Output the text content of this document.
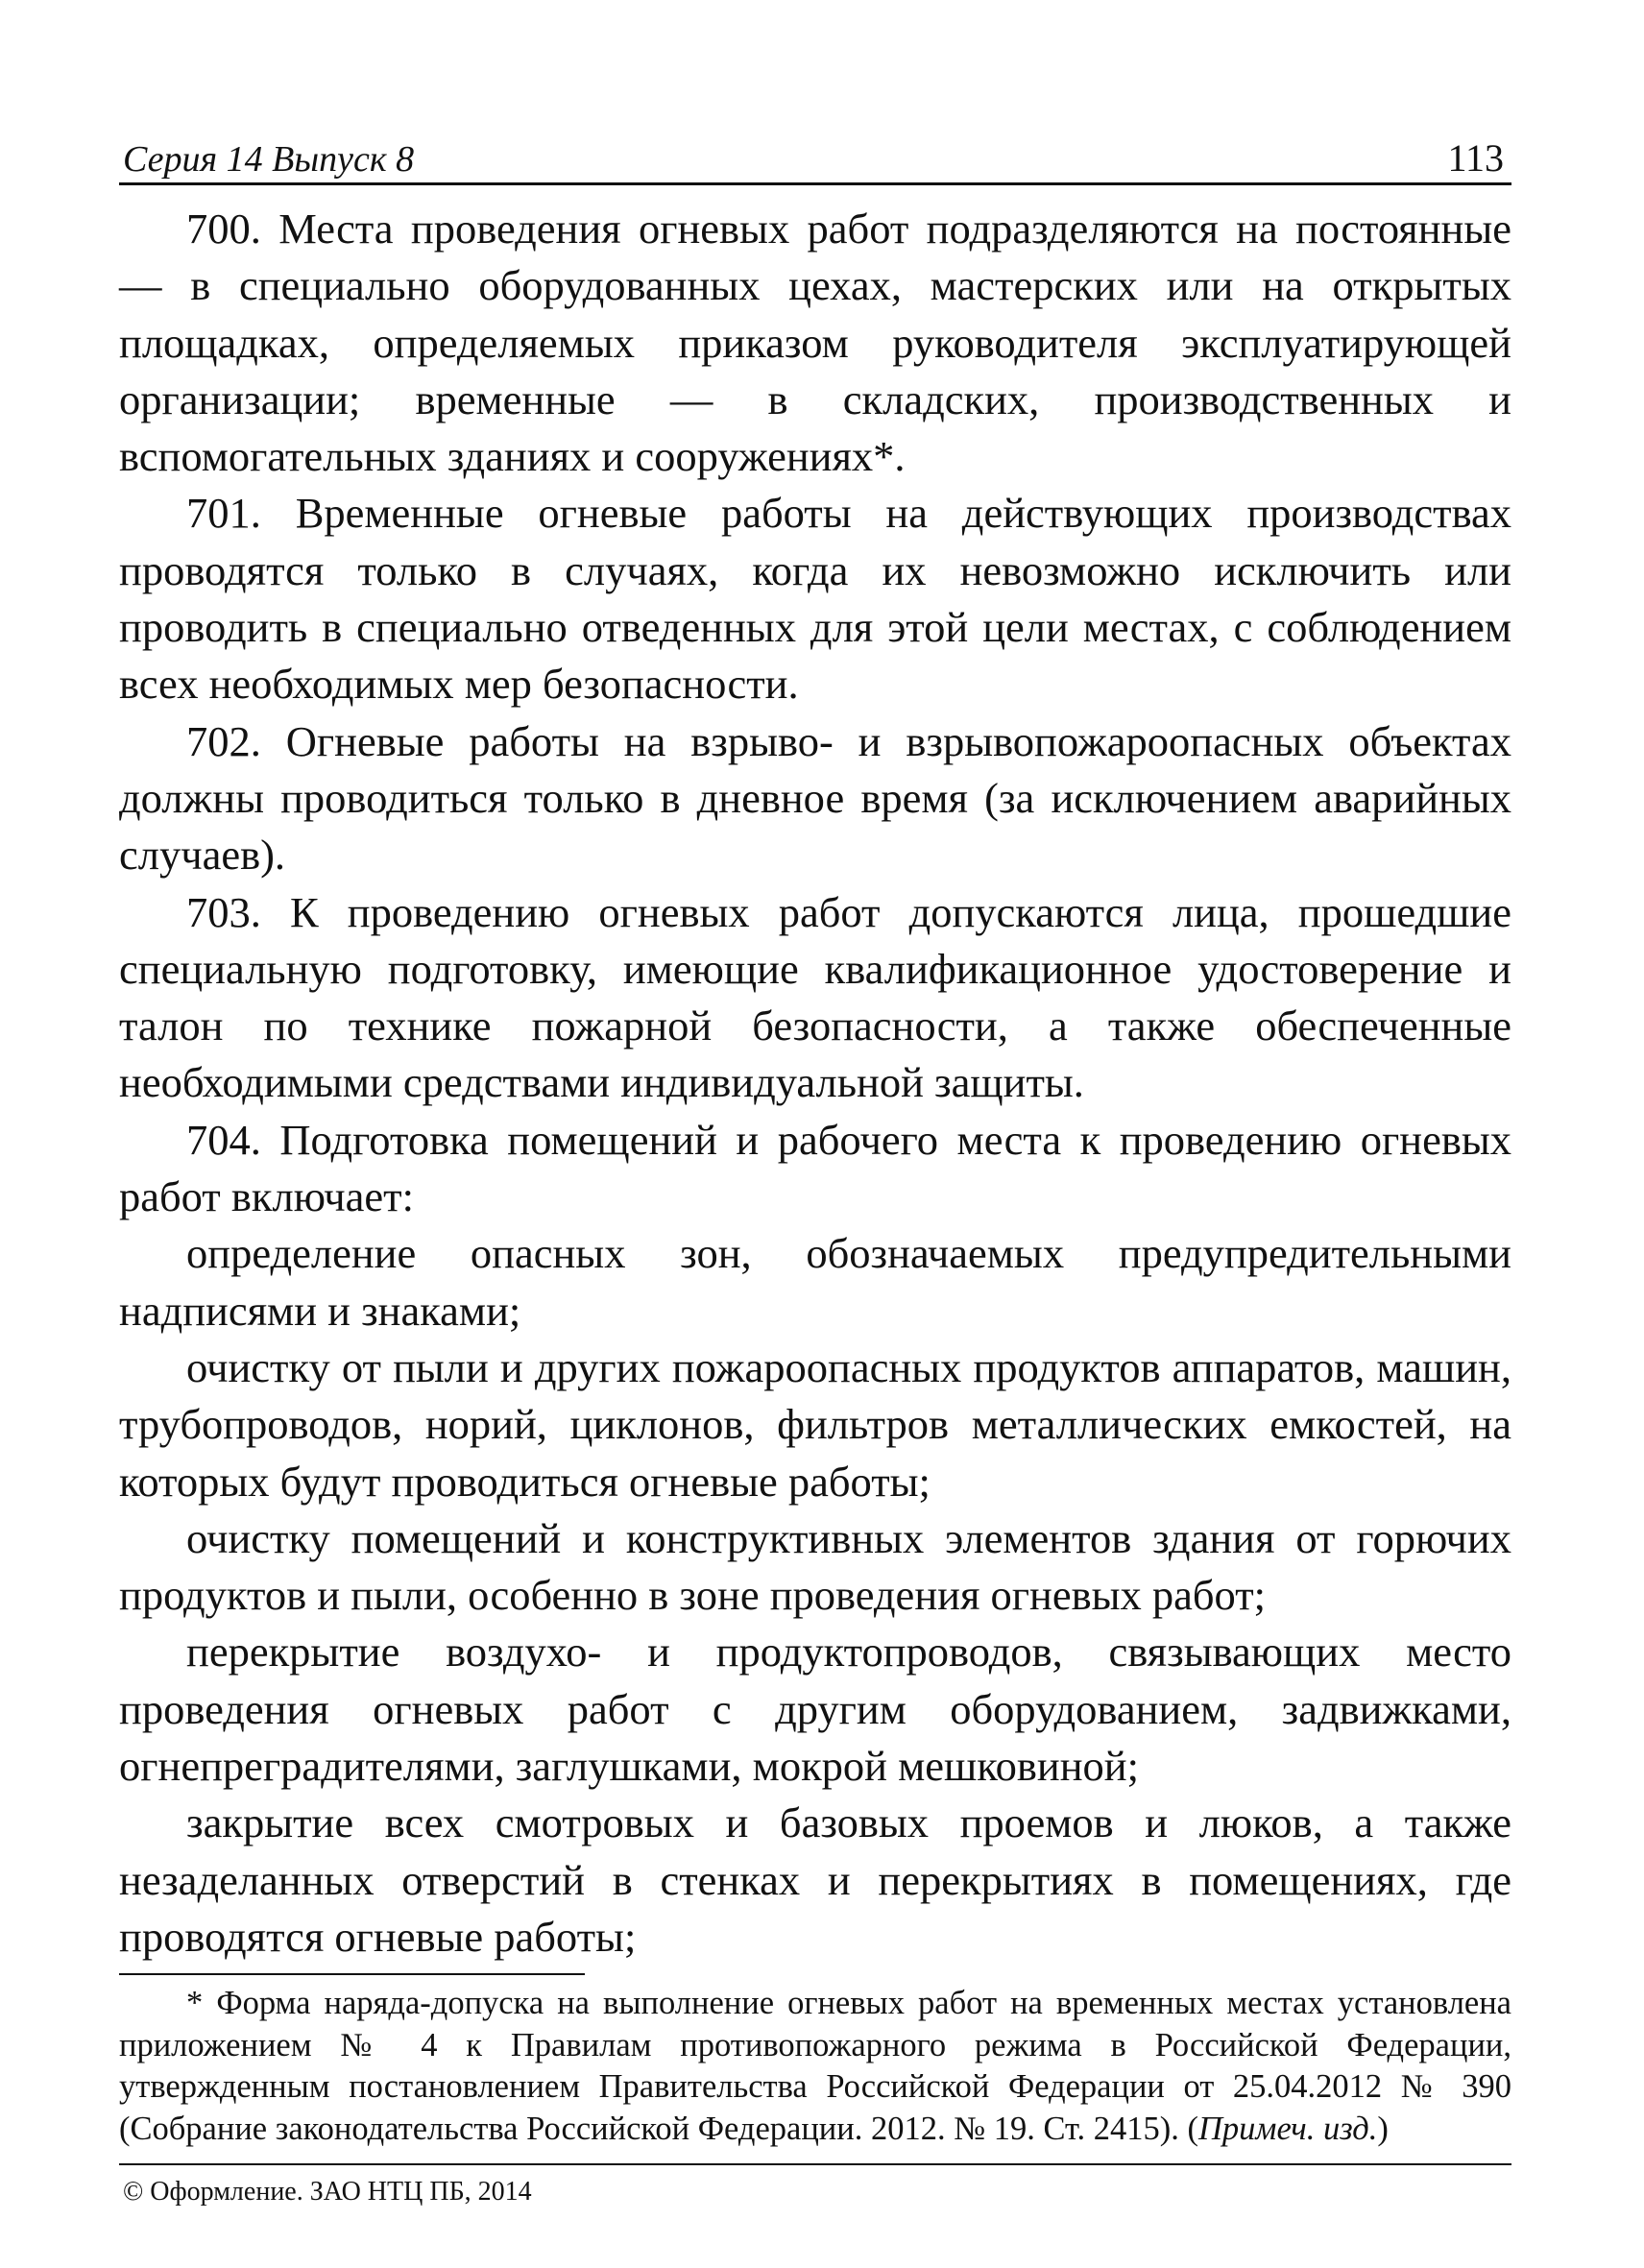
Серия 14 Выпуск 8	113

700. Места проведения огневых работ подразделяются на постоянные — в специально оборудованных цехах, мастерских или на открытых площадках, определяемых приказом руководителя эксплуатирующей организации; временные — в складских, производственных и вспомогательных зданиях и сооружениях*.

701. Временные огневые работы на действующих производствах проводятся только в случаях, когда их невозможно исключить или проводить в специально отведенных для этой цели местах, с соблюдением всех необходимых мер безопасности.

702. Огневые работы на взрыво- и взрывопожароопасных объектах должны проводиться только в дневное время (за исключением аварийных случаев).

703. К проведению огневых работ допускаются лица, прошедшие специальную подготовку, имеющие квалификационное удостоверение и талон по технике пожарной безопасности, а также обеспеченные необходимыми средствами индивидуальной защиты.

704. Подготовка помещений и рабочего места к проведению огневых работ включает:

определение опасных зон, обозначаемых предупредительными надписями и знаками;

очистку от пыли и других пожароопасных продуктов аппаратов, машин, трубопроводов, норий, циклонов, фильтров металлических емкостей, на которых будут проводиться огневые работы;

очистку помещений и конструктивных элементов здания от горючих продуктов и пыли, особенно в зоне проведения огневых работ;

перекрытие воздухо- и продуктопроводов, связывающих место проведения огневых работ с другим оборудованием, задвижками, огнепреградителями, заглушками, мокрой мешковиной;

закрытие всех смотровых и базовых проемов и люков, а также незаделанных отверстий в стенках и перекрытиях в помещениях, где проводятся огневые работы;

* Форма наряда-допуска на выполнение огневых работ на временных местах установлена приложением № 4 к Правилам противопожарного режима в Российской Федерации, утвержденным постановлением Правительства Российской Федерации от 25.04.2012 № 390 (Собрание законодательства Российской Федерации. 2012. № 19. Ст. 2415). (Примеч. изд.)

© Оформление. ЗАО НТЦ ПБ, 2014
